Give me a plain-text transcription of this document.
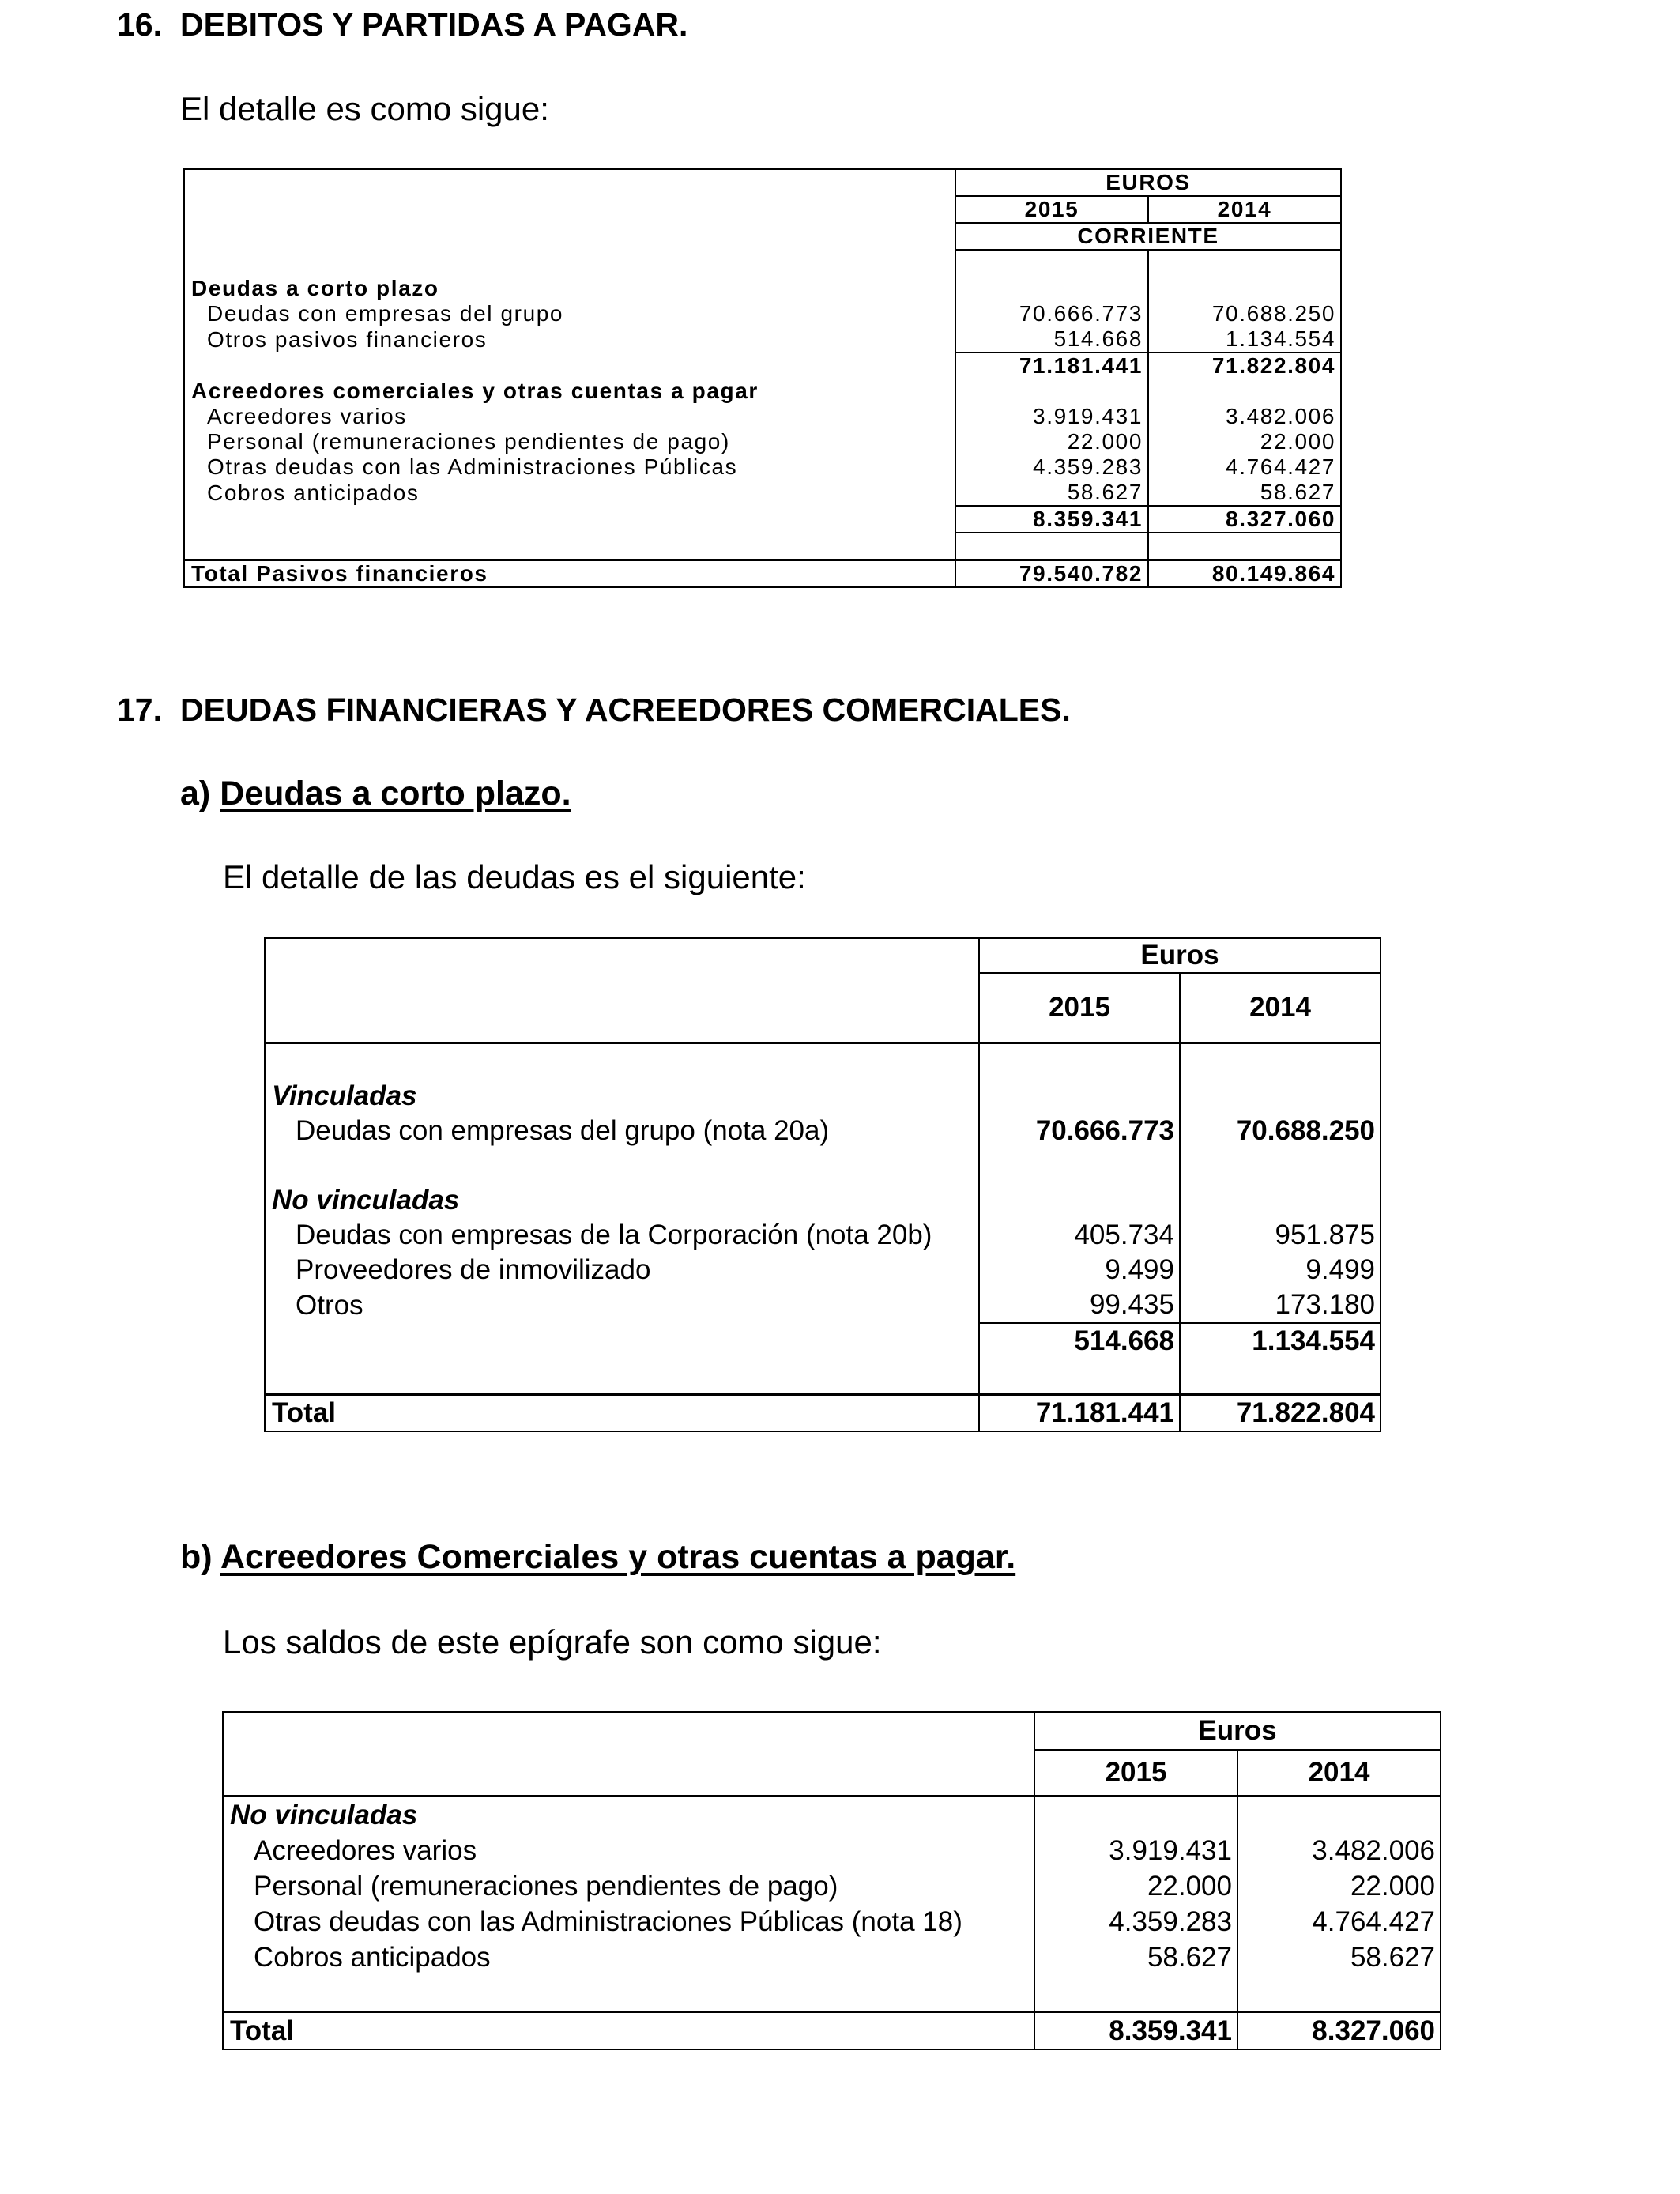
16. DEBITOS Y PARTIDAS A PAGAR.
El detalle es como sigue:
	EUROS	
	2015	2014
	CORRIENTE	

Deudas a corto plazo		
Deudas con empresas del grupo	70.666.773	70.688.250
Otros pasivos financieros	514.668	1.134.554
	71.181.441	71.822.804
Acreedores comerciales y otras cuentas a pagar		
Acreedores varios	3.919.431	3.482.006
Personal (remuneraciones pendientes de pago)	22.000	22.000
Otras deudas con las Administraciones Públicas	4.359.283	4.764.427
Cobros anticipados	58.627	58.627
	8.359.341	8.327.060

Total Pasivos financieros	79.540.782	80.149.864
17. DEUDAS FINANCIERAS Y ACREEDORES COMERCIALES.
a) Deudas a corto plazo.
El detalle de las deudas es el siguiente:
	Euros	
	2015	2014

Vinculadas		
Deudas con empresas del grupo (nota 20a)	70.666.773	70.688.250

No vinculadas		
Deudas con empresas de la Corporación (nota 20b)	405.734	951.875
Proveedores de inmovilizado	9.499	9.499
Otros	99.435	173.180
	514.668	1.134.554

Total	71.181.441	71.822.804
b) Acreedores Comerciales y otras cuentas a pagar.
Los saldos de este epígrafe son como sigue:
	Euros	
	2015	2014
No vinculadas		
Acreedores varios	3.919.431	3.482.006
Personal (remuneraciones pendientes de pago)	22.000	22.000
Otras deudas con las Administraciones Públicas (nota 18)	4.359.283	4.764.427
Cobros anticipados	58.627	58.627

Total	8.359.341	8.327.060
